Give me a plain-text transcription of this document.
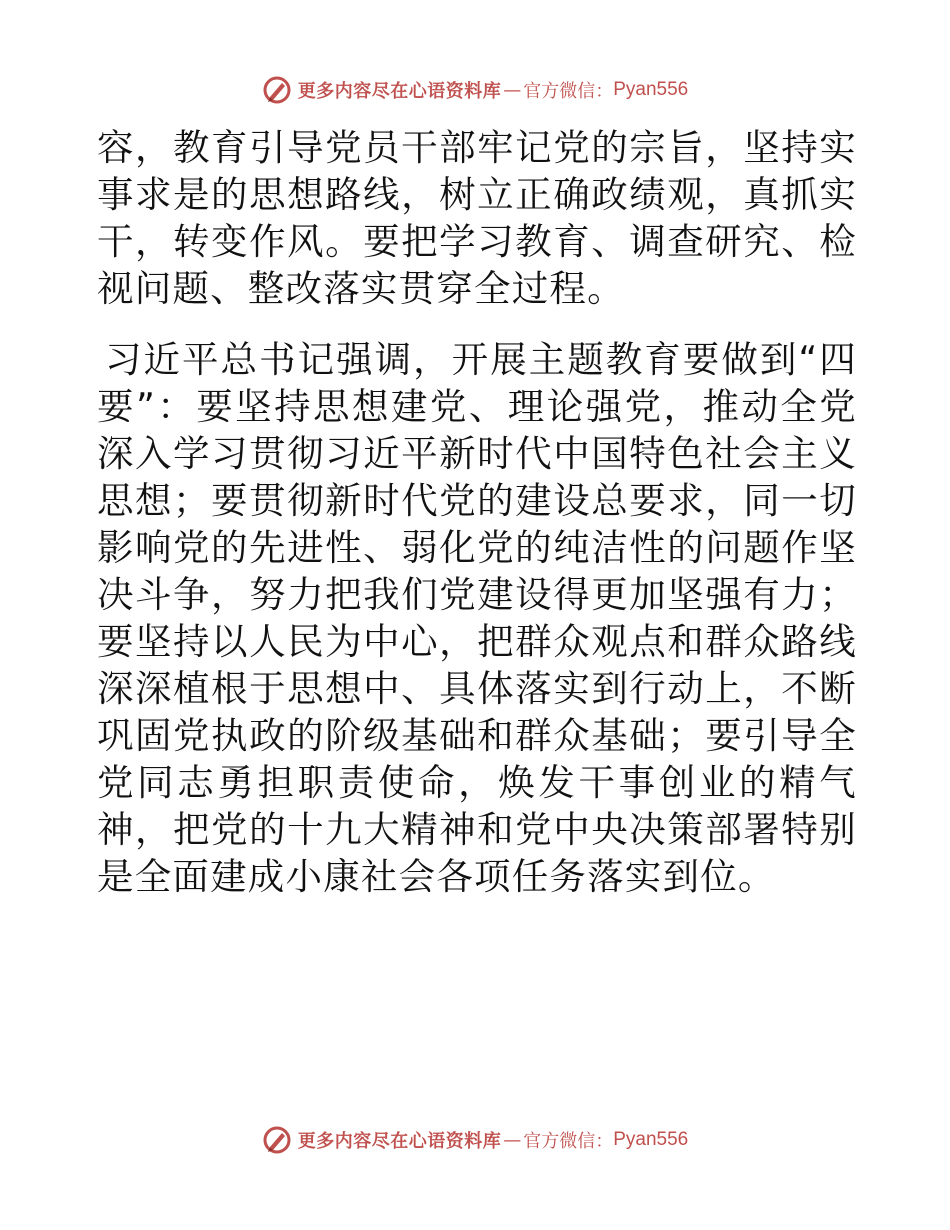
更多内容尽在心语资料库 — 官方微信： Pyan556

容，教育引导党员干部牢记党的宗旨，坚持实事求是的思想路线，树立正确政绩观，真抓实干，转变作风。要把学习教育、调查研究、检视问题、整改落实贯穿全过程。

习近平总书记强调，开展主题教育要做到“四要”：要坚持思想建党、理论强党，推动全党深入学习贯彻习近平新时代中国特色社会主义思想；要贯彻新时代党的建设总要求，同一切影响党的先进性、弱化党的纯洁性的问题作坚决斗争，努力把我们党建设得更加坚强有力；要坚持以人民为中心，把群众观点和群众路线深深植根于思想中、具体落实到行动上，不断巩固党执政的阶级基础和群众基础；要引导全党同志勇担职责使命，焕发干事创业的精气神，把党的十九大精神和党中央决策部署特别是全面建成小康社会各项任务落实到位。

更多内容尽在心语资料库 — 官方微信： Pyan556
